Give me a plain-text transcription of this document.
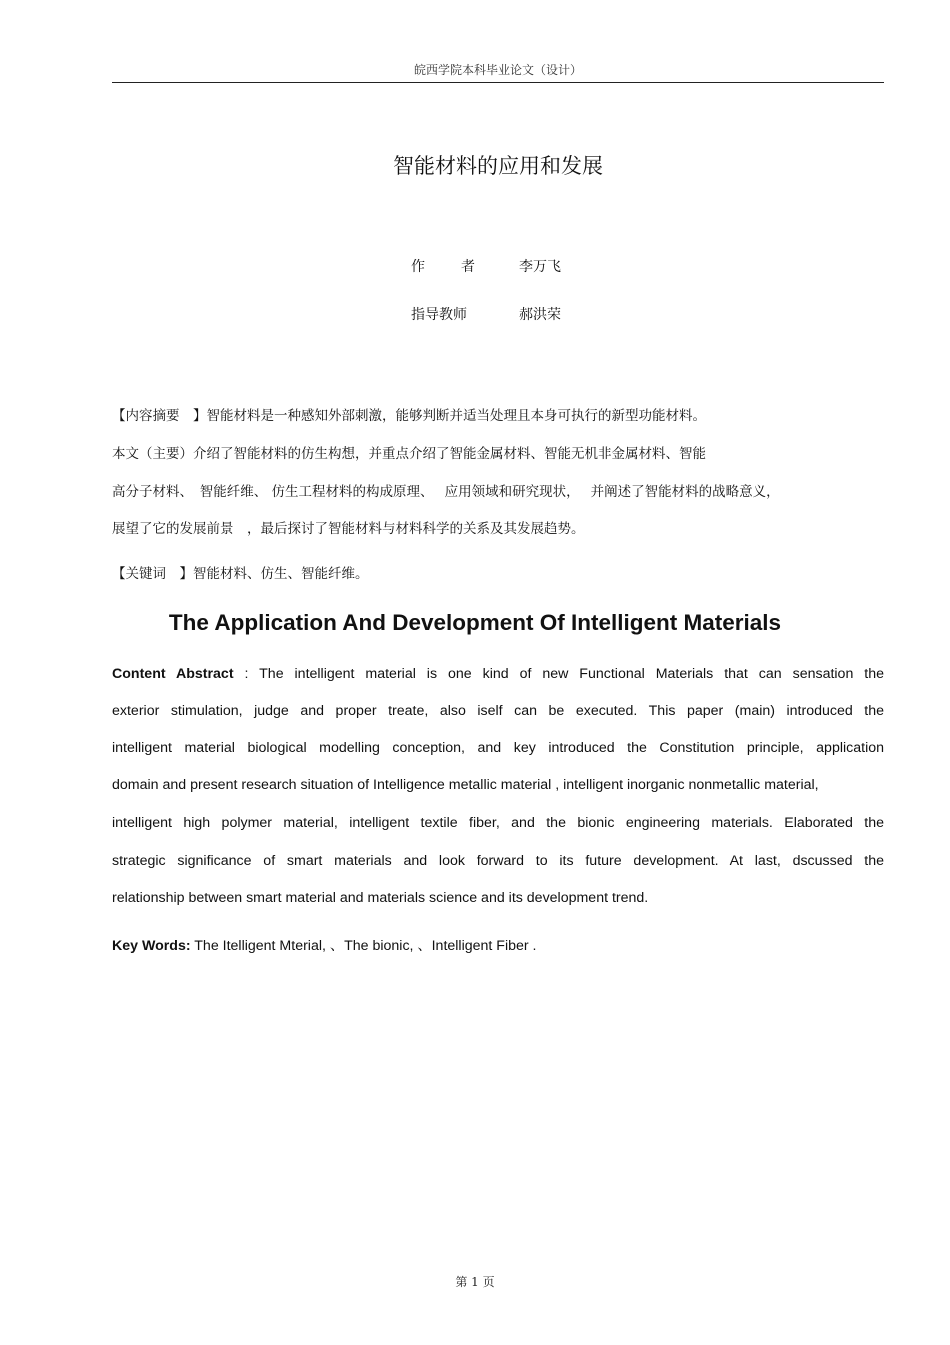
皖西学院本科毕业论文（设计）
智能材料的应用和发展
作	者	李万飞
指导教师	郝洪荣
【内容摘要　】智能材料是一种感知外部刺激，能够判断并适当处理且本身可执行的新型功能材料。
本文（主要）介绍了智能材料的仿生构想，并重点介绍了智能金属材料、智能无机非金属材料、智能
高分子材料、　智能纤维、 仿生工程材料的构成原理、　 应用领域和研究现状，　 并阐述了智能材料的战略意义，
展望了它的发展前景　，最后探讨了智能材料与材料科学的关系及其发展趋势。
【关键词　】智能材料、仿生、智能纤维。
The Application And Development Of Intelligent Materials
Content Abstract : The intelligent material is one kind of new Functional Materials that can sensation the
exterior stimulation, judge and proper treate, also iself can be executed. This paper (main) introduced the
intelligent material biological modelling conception, and key introduced the Constitution principle, application
domain and present research situation of Intelligence metallic material , intelligent inorganic nonmetallic material,
intelligent high polymer material, intelligent textile fiber, and the bionic engineering materials. Elaborated the
strategic significance of smart materials and look forward to its future development. At last, dscussed the
relationship between smart material and materials science and its development trend.
Key Words: The Itelligent Mterial, 、The bionic, 、Intelligent Fiber .
第 1 页
